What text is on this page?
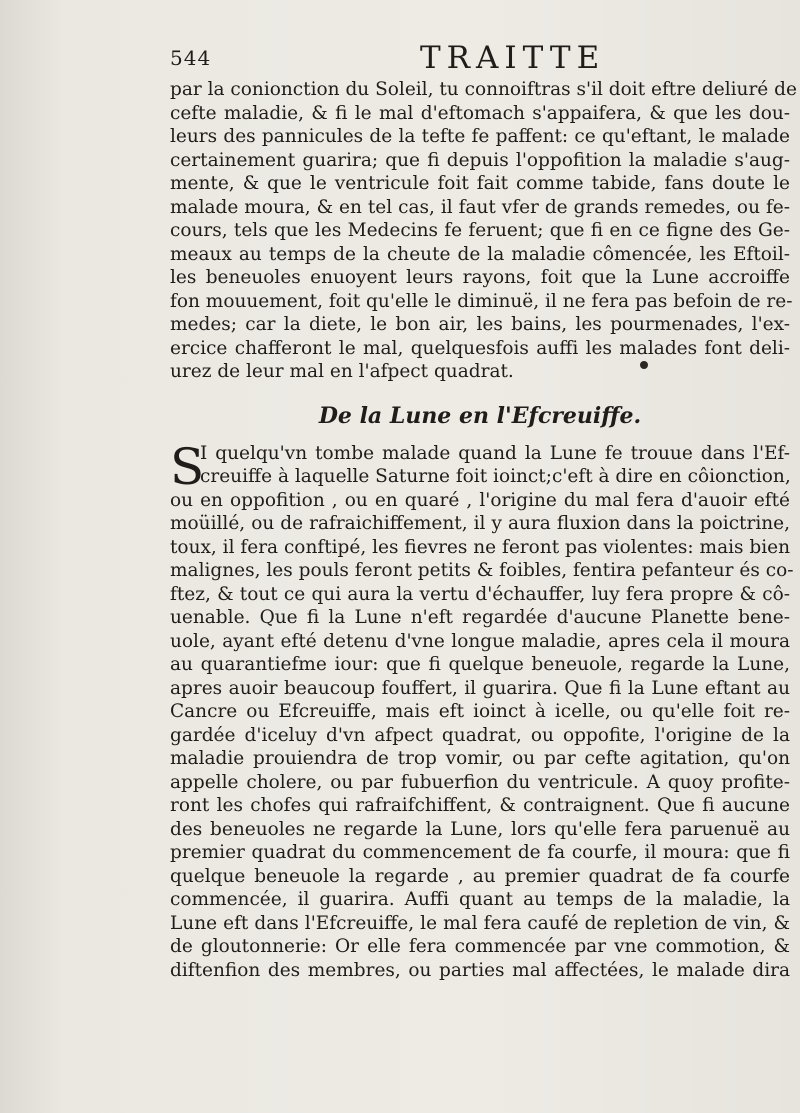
544	TRAITTE
par la conionction du Soleil, tu connoiftras s'il doit eftre deliuré de
cefte maladie, & fi le mal d'eftomach s'appaifera, & que les dou-
leurs des pannicules de la tefte fe paffent: ce qu'eftant, le malade
certainement guarira; que fi depuis l'oppofition la maladie s'aug-
mente, & que le ventricule foit fait comme tabide, fans doute le
malade moura, & en tel cas, il faut vfer de grands remedes, ou fe-
cours, tels que les Medecins fe feruent; que fi en ce figne des Ge-
meaux au temps de la cheute de la maladie cômencée, les Eftoil-
les beneuoles enuoyent leurs rayons, foit que la Lune accroiffe
fon mouuement, foit qu'elle le diminuë, il ne fera pas befoin de re-
medes; car la diete, le bon air, les bains, les pourmenades, l'ex-
ercice chafferont le mal, quelquesfois auffi les malades font deli-
urez de leur mal en l'afpect quadrat.
De la Lune en l'Efcreuiffe.
S
I quelqu'vn tombe malade quand la Lune fe trouue dans l'Ef-
creuiffe à laquelle Saturne foit ioinct;c'eft à dire en côionction,
ou en oppofition , ou en quaré , l'origine du mal fera d'auoir efté
moüillé, ou de rafraichiffement, il y aura fluxion dans la poictrine,
toux, il fera conftipé, les fievres ne feront pas violentes: mais bien
malignes, les pouls feront petits & foibles, fentira pefanteur és co-
ftez, & tout ce qui aura la vertu d'échauffer, luy fera propre & cô-
uenable. Que fi la Lune n'eft regardée d'aucune Planette bene-
uole, ayant efté detenu d'vne longue maladie, apres cela il moura
au quarantiefme iour: que fi quelque beneuole, regarde la Lune,
apres auoir beaucoup fouffert, il guarira. Que fi la Lune eftant au
Cancre ou Efcreuiffe, mais eft ioinct à icelle, ou qu'elle foit re-
gardée d'iceluy d'vn afpect quadrat, ou oppofite, l'origine de la
maladie prouiendra de trop vomir, ou par cefte agitation, qu'on
appelle cholere, ou par fubuerfion du ventricule. A quoy profite-
ront les chofes qui rafraifchiffent, & contraignent. Que fi aucune
des beneuoles ne regarde la Lune, lors qu'elle fera paruenuë au
premier quadrat du commencement de fa courfe, il moura: que fi
quelque beneuole la regarde , au premier quadrat de fa courfe
commencée, il guarira. Auffi quant au temps de la maladie, la
Lune eft dans l'Efcreuiffe, le mal fera caufé de repletion de vin, &
de gloutonnerie: Or elle fera commencée par vne commotion, &
diftenfion des membres, ou parties mal affectées, le malade dira
